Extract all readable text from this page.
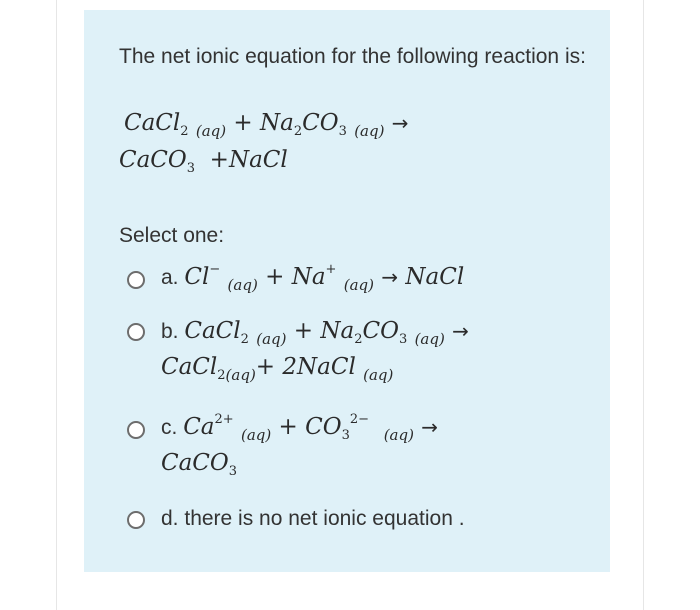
The net ionic equation for the following reaction is:
CaCl$_2$ $_{(aq)} + Na_2CO_3$ $_{(aq)}$ →
CaCO$_3$ +NaCl
Select one:
a. Cl− $_{(aq)}$ + Na+ $_{(aq)}$ → NaCl
b. CaCl$_2$ $_{(aq)} + Na_2CO_3$ $_{(aq)}$ →
CaCl$_{2(aq)}$+ 2NaCl $_{(aq)}$
c. $Ca^{2+}$ $_{(aq)} + CO_3^{2-}$  $_{(aq)}$ →
CaCO$_3$
d. there is no net ionic equation .
